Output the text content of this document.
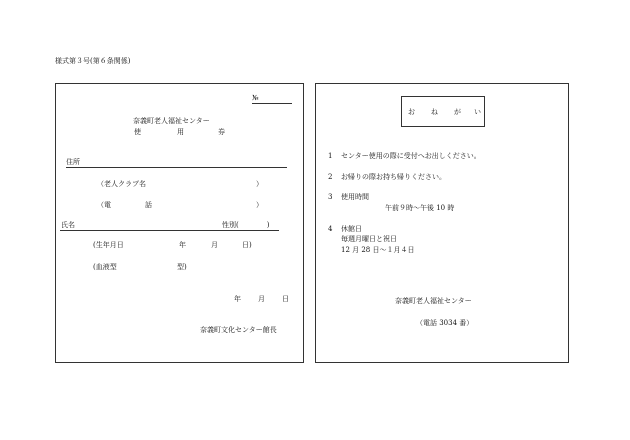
様式第３号(第６条関係)
№
奈義町老人福祉センター
使	用	券
住所
（老人クラブ名	）
（電	話	）
氏名	性別(　　　　)
(生年月日	年	月	日)
(血液型	型)
年 月 日
奈義町文化センター館長
お ね が い
1 センター使用の際に受付へお出しください。
2 お帰りの際お持ち帰りください。
3 使用時間
午前９時～午後 10 時
4 休館日
毎週月曜日と祝日
12 月 28 日～１月４日
奈義町老人福祉センター
（電話 3034 番）
